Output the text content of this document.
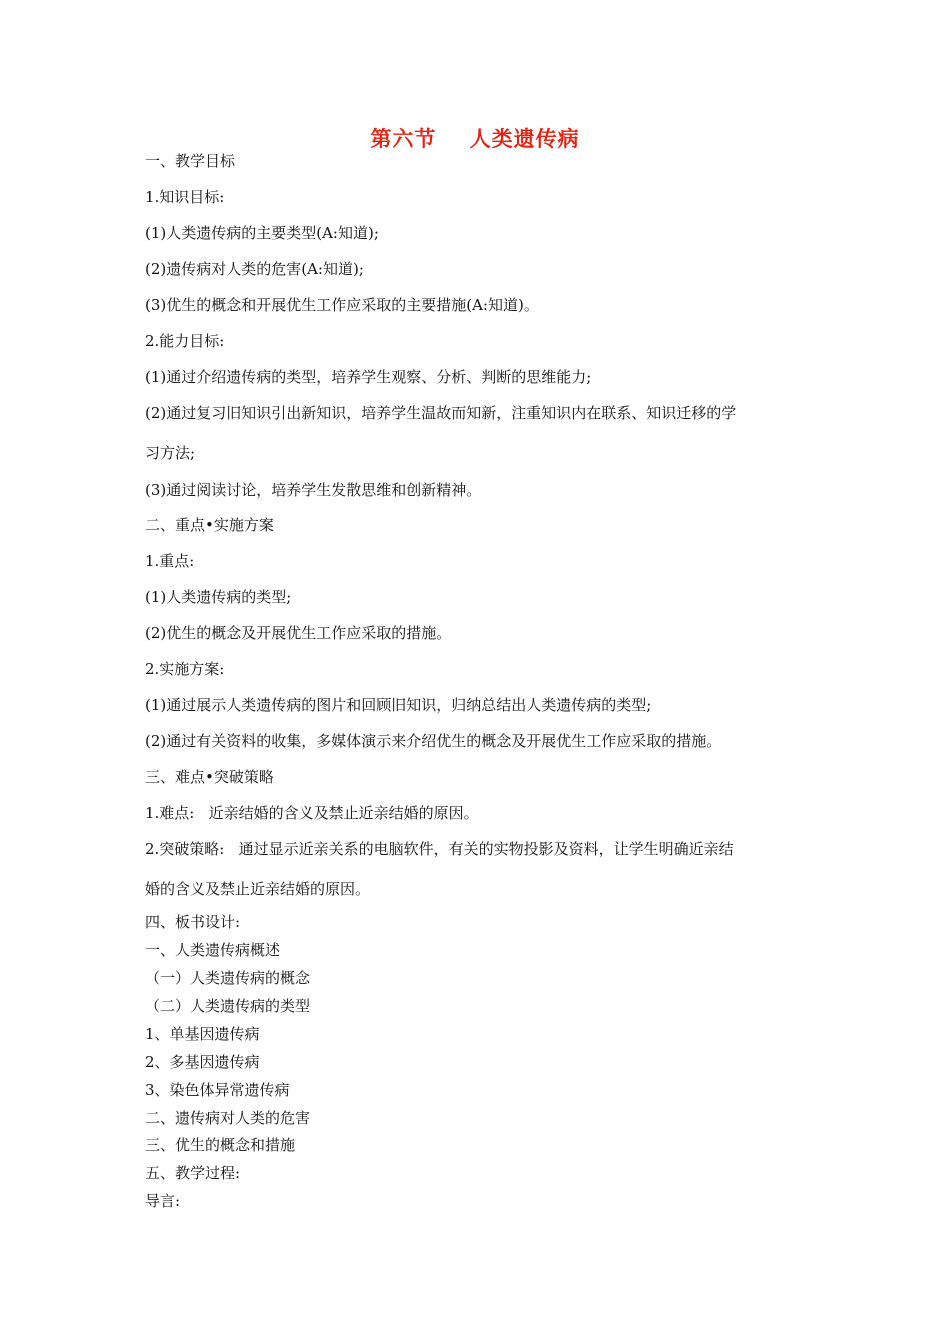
第六节    人类遗传病
一、教学目标
1.知识目标:
(1)人类遗传病的主要类型(A:知道);
(2)遗传病对人类的危害(A:知道);
(3)优生的概念和开展优生工作应采取的主要措施(A:知道)。
2.能力目标:
(1)通过介绍遗传病的类型，培养学生观察、分析、判断的思维能力;
(2)通过复习旧知识引出新知识，培养学生温故而知新，注重知识内在联系、知识迁移的学
习方法;
(3)通过阅读讨论，培养学生发散思维和创新精神。
二、重点•实施方案
1.重点:
(1)人类遗传病的类型;
(2)优生的概念及开展优生工作应采取的措施。
2.实施方案:
(1)通过展示人类遗传病的图片和回顾旧知识，归纳总结出人类遗传病的类型;
(2)通过有关资料的收集，多媒体演示来介绍优生的概念及开展优生工作应采取的措施。
三、难点•突破策略
1.难点:   近亲结婚的含义及禁止近亲结婚的原因。
2.突破策略:   通过显示近亲关系的电脑软件，有关的实物投影及资料，让学生明确近亲结
婚的含义及禁止近亲结婚的原因。
四、板书设计:
一、人类遗传病概述
（一）人类遗传病的概念
（二）人类遗传病的类型
1、单基因遗传病
2、多基因遗传病
3、染色体异常遗传病
二、遗传病对人类的危害
三、优生的概念和措施
五、教学过程:
导言:
